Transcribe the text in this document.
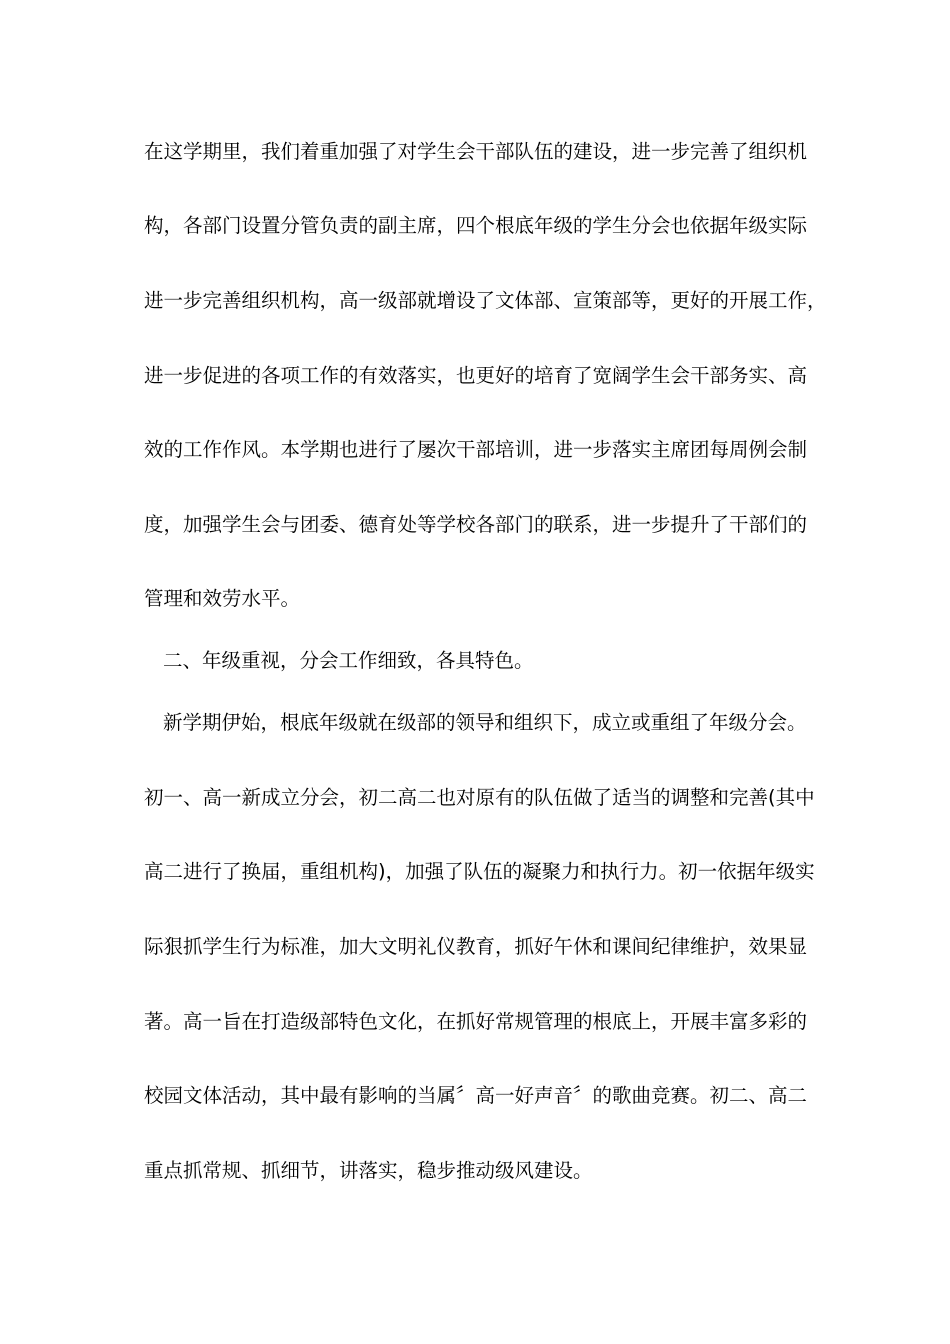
在这学期里，我们着重加强了对学生会干部队伍的建设，进一步完善了组织机
构，各部门设置分管负责的副主席，四个根底年级的学生分会也依据年级实际
进一步完善组织机构，高一级部就增设了文体部、宣策部等，更好的开展工作，
进一步促进的各项工作的有效落实，也更好的培育了宽阔学生会干部务实、高
效的工作作风。本学期也进行了屡次干部培训，进一步落实主席团每周例会制
度，加强学生会与团委、德育处等学校各部门的联系，进一步提升了干部们的
管理和效劳水平。
二、年级重视，分会工作细致，各具特色。
新学期伊始，根底年级就在级部的领导和组织下，成立或重组了年级分会。
初一、高一新成立分会，初二高二也对原有的队伍做了适当的调整和完善(其中
高二进行了换届，重组机构)，加强了队伍的凝聚力和执行力。初一依据年级实
际狠抓学生行为标准，加大文明礼仪教育，抓好午休和课间纪律维护，效果显
著。高一旨在打造级部特色文化，在抓好常规管理的根底上，开展丰富多彩的
校园文体活动，其中最有影响的当属〞高一好声音〞的歌曲竞赛。初二、高二
重点抓常规、抓细节，讲落实，稳步推动级风建设。
